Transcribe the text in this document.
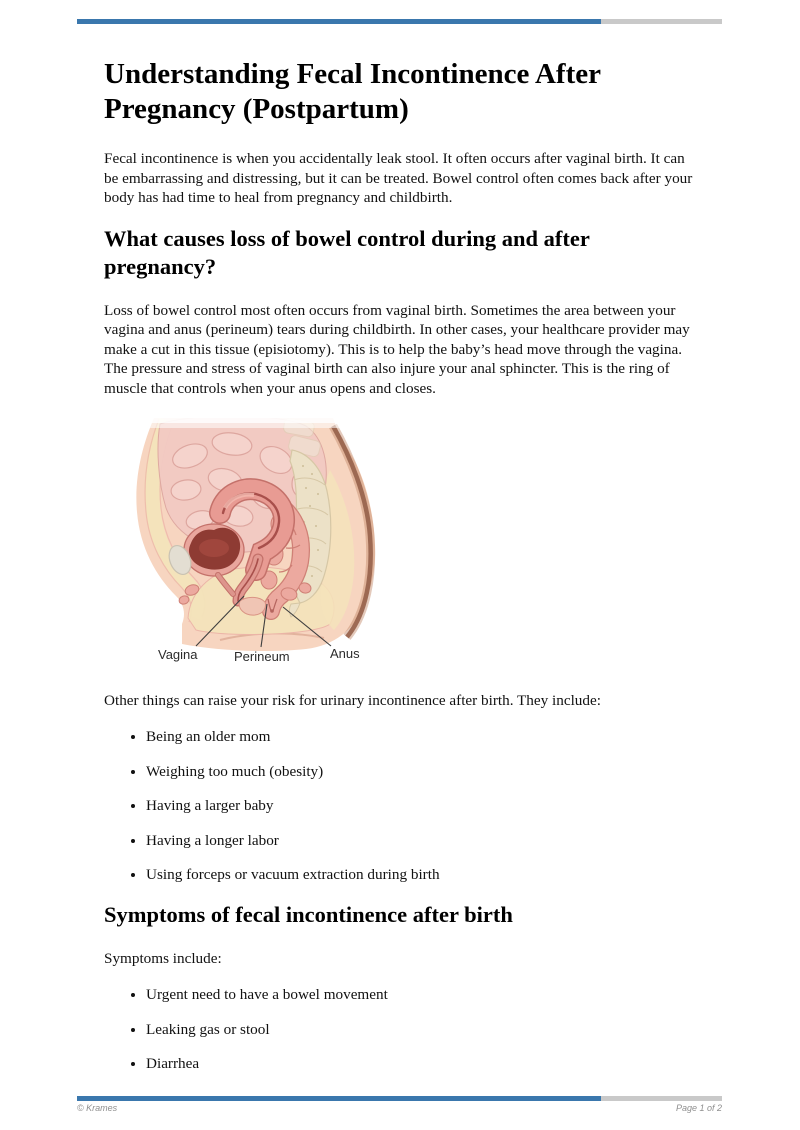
Understanding Fecal Incontinence After Pregnancy (Postpartum)

Fecal incontinence is when you accidentally leak stool. It often occurs after vaginal birth. It can be embarrassing and distressing, but it can be treated. Bowel control often comes back after your body has had time to heal from pregnancy and childbirth.

What causes loss of bowel control during and after pregnancy?

Loss of bowel control most often occurs from vaginal birth. Sometimes the area between your vagina and anus (perineum) tears during childbirth. In other cases, your healthcare provider may make a cut in this tissue (episiotomy). This is to help the baby’s head move through the vagina. The pressure and stress of vaginal birth can also injure your anal sphincter. This is the ring of muscle that controls when your anus opens and closes.

Vagina	Perineum	Anus

Other things can raise your risk for urinary incontinence after birth. They include:

• Being an older mom
• Weighing too much (obesity)
• Having a larger baby
• Having a longer labor
• Using forceps or vacuum extraction during birth
Symptoms of fecal incontinence after birth

Symptoms include:

• Urgent need to have a bowel movement
• Leaking gas or stool
• Diarrhea
© Krames	Page 1 of 2
